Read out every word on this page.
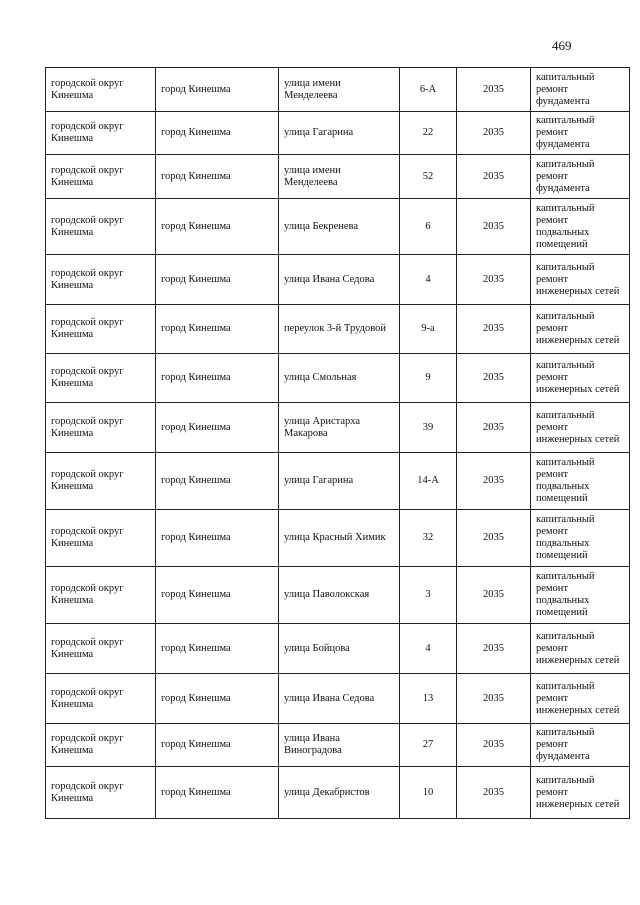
469
городской округ Кинешма	город Кинешма	улица имени Менделеева	6-А	2035	капитальный ремонт фундамента
городской округ Кинешма	город Кинешма	улица Гагарина	22	2035	капитальный ремонт фундамента
городской округ Кинешма	город Кинешма	улица имени Менделеева	52	2035	капитальный ремонт фундамента
городской округ Кинешма	город Кинешма	улица Бекренева	6	2035	капитальный ремонт подвальных помещений
городской округ Кинешма	город Кинешма	улица Ивана Седова	4	2035	капитальный ремонт инженерных сетей
городской округ Кинешма	город Кинешма	переулок 3-й Трудовой	9-а	2035	капитальный ремонт инженерных сетей
городской округ Кинешма	город Кинешма	улица Смольная	9	2035	капитальный ремонт инженерных сетей
городской округ Кинешма	город Кинешма	улица Аристарха Макарова	39	2035	капитальный ремонт инженерных сетей
городской округ Кинешма	город Кинешма	улица Гагарина	14-А	2035	капитальный ремонт подвальных помещений
городской округ Кинешма	город Кинешма	улица Красный Химик	32	2035	капитальный ремонт подвальных помещений
городской округ Кинешма	город Кинешма	улица Паволокская	3	2035	капитальный ремонт подвальных помещений
городской округ Кинешма	город Кинешма	улица Бойцова	4	2035	капитальный ремонт инженерных сетей
городской округ Кинешма	город Кинешма	улица Ивана Седова	13	2035	капитальный ремонт инженерных сетей
городской округ Кинешма	город Кинешма	улица Ивана Виноградова	27	2035	капитальный ремонт фундамента
городской округ Кинешма	город Кинешма	улица Декабристов	10	2035	капитальный ремонт инженерных сетей
